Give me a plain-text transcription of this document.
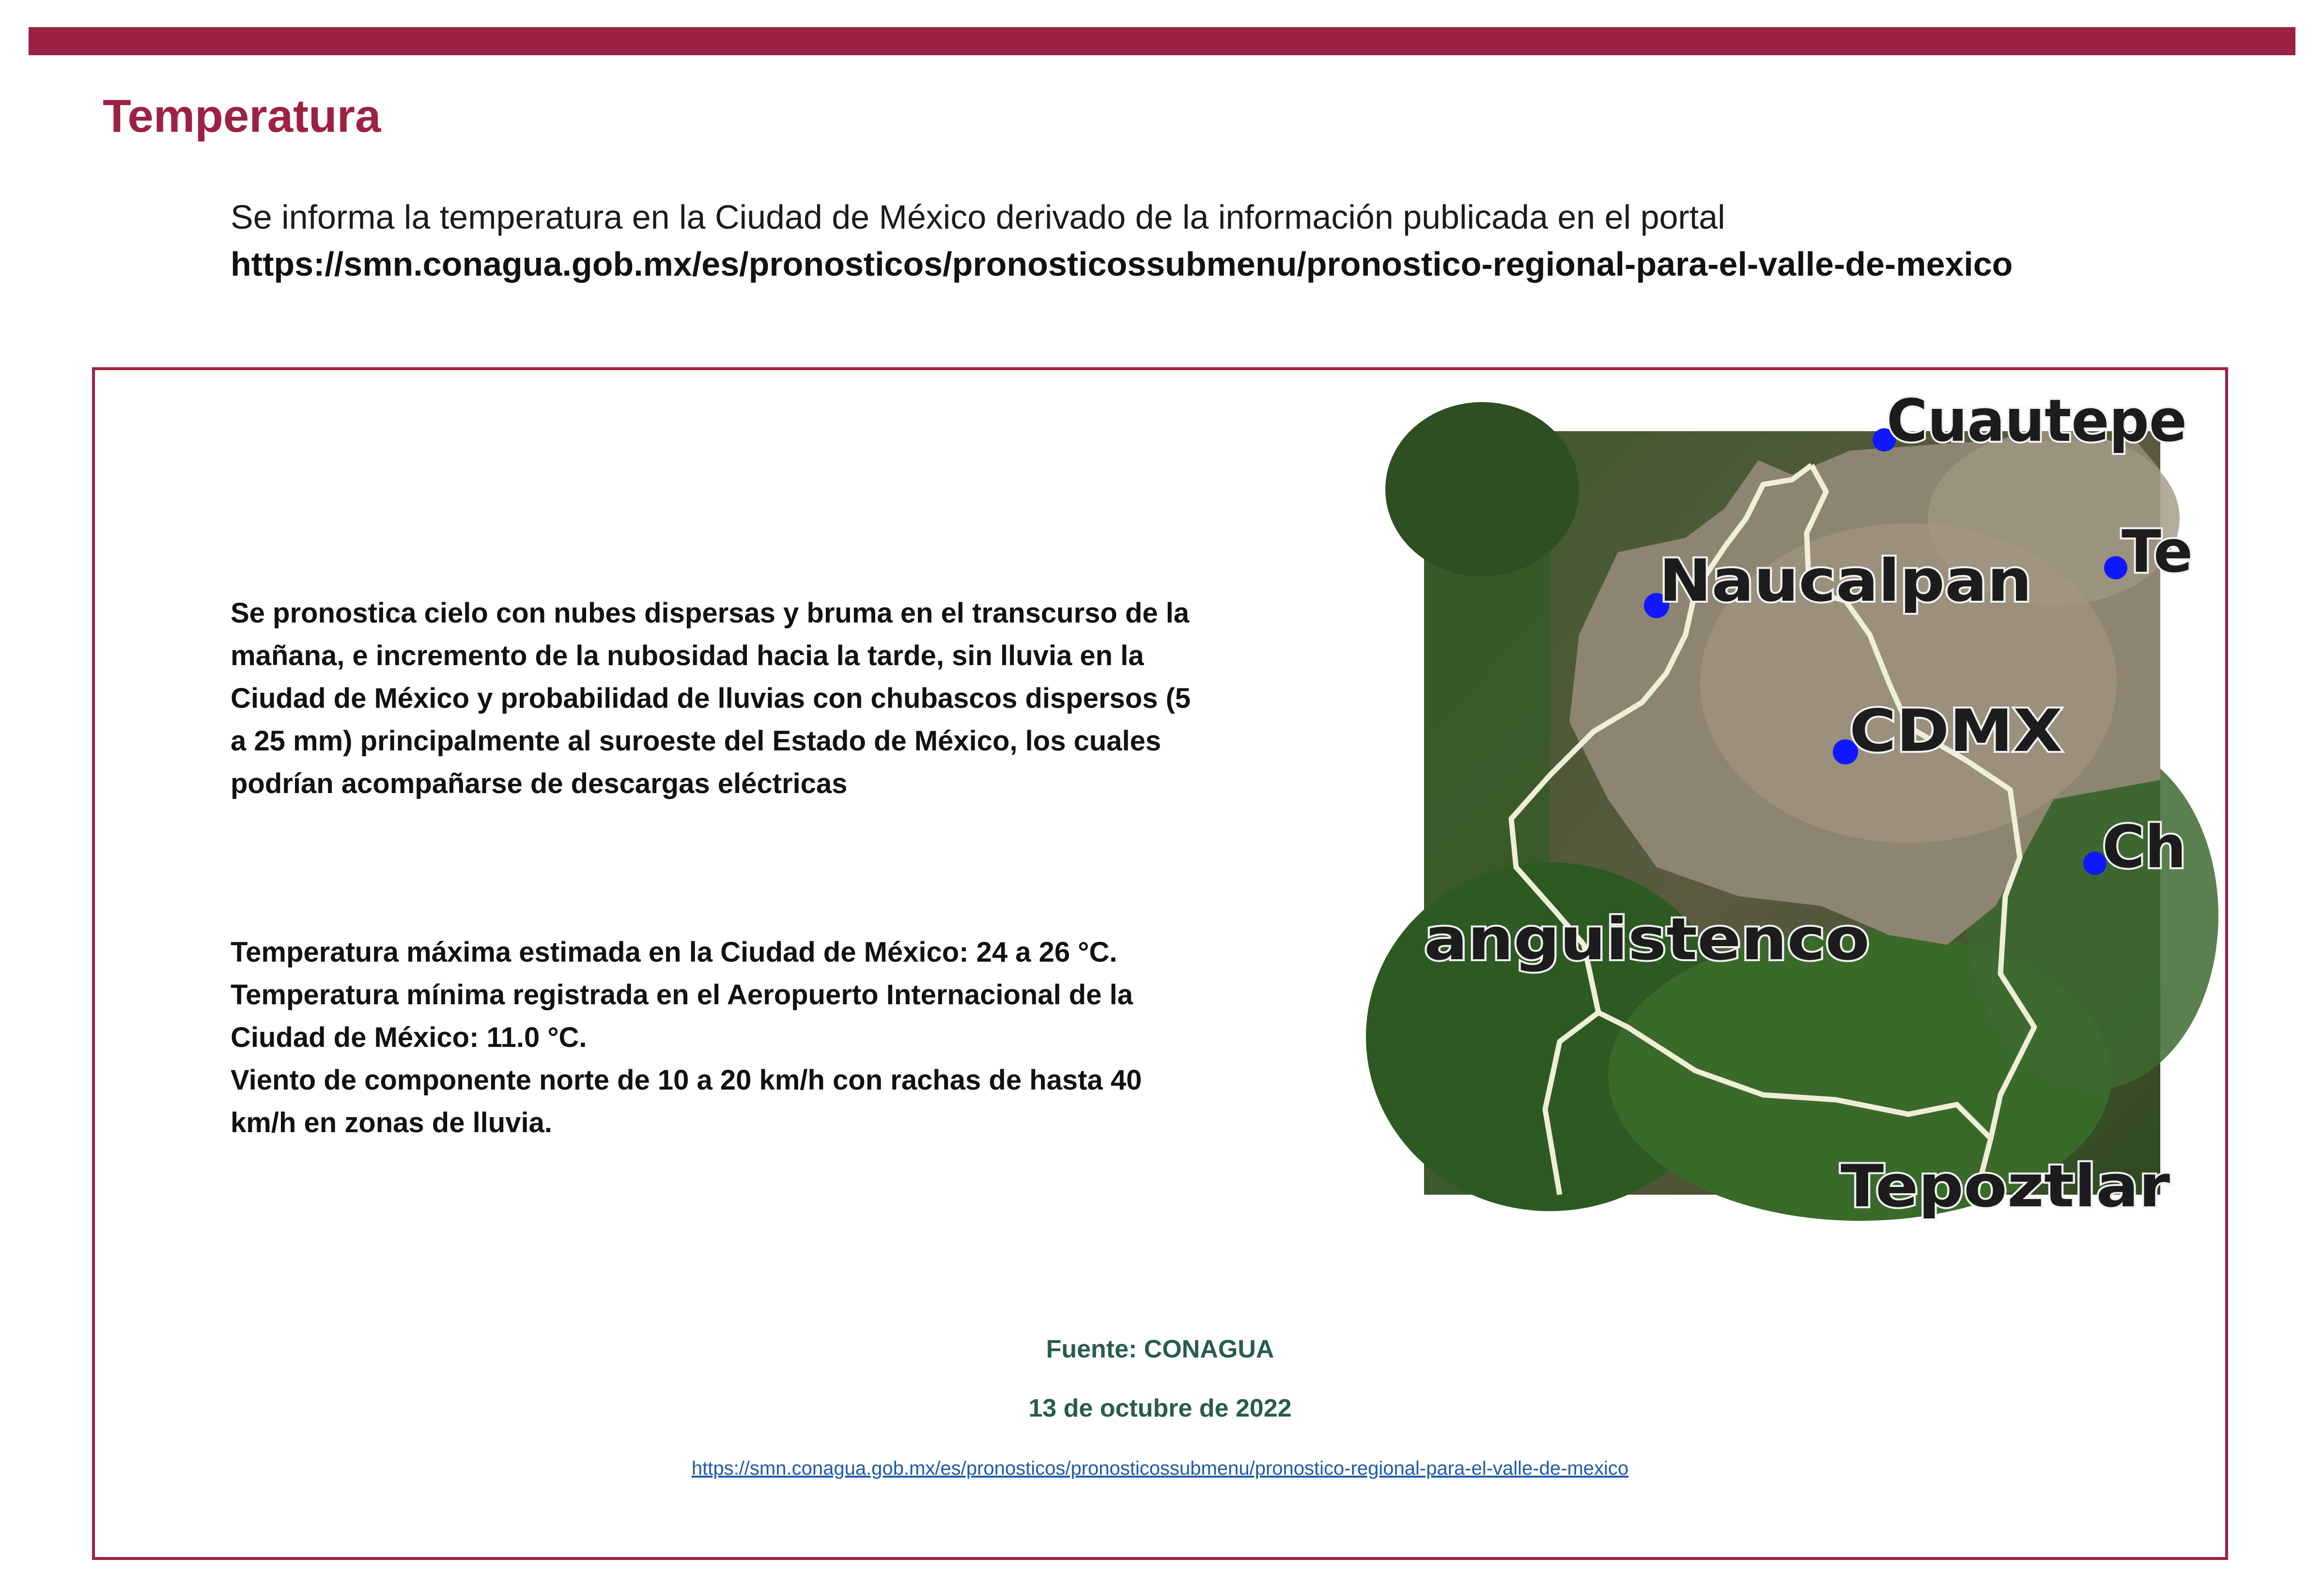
Temperatura
Se informa la temperatura en la Ciudad de México derivado de la información publicada en el portal
https://smn.conagua.gob.mx/es/pronosticos/pronosticossubmenu/pronostico-regional-para-el-valle-de-mexico

Se pronostica cielo con nubes dispersas y bruma en el transcurso de la mañana, e incremento de la nubosidad hacia la tarde, sin lluvia en la Ciudad de México y probabilidad de lluvias con chubascos dispersos (5 a 25 mm) principalmente al suroeste del Estado de México, los cuales podrían acompañarse de descargas eléctricas

Temperatura máxima estimada en la Ciudad de México: 24 a 26 °C.

Temperatura mínima registrada en el Aeropuerto Internacional de la Ciudad de México: 11.0 °C.

Viento de componente norte de 10 a 20 km/h con rachas de hasta 40 km/h en zonas de lluvia.

Naucalpan
CDMX
anguistenco
Tepoztlar
Cuautepe
Te
Ch
Fuente: CONAGUA
13 de octubre de 2022
https://smn.conagua.gob.mx/es/pronosticos/pronosticossubmenu/pronostico-regional-para-el-valle-de-mexico
